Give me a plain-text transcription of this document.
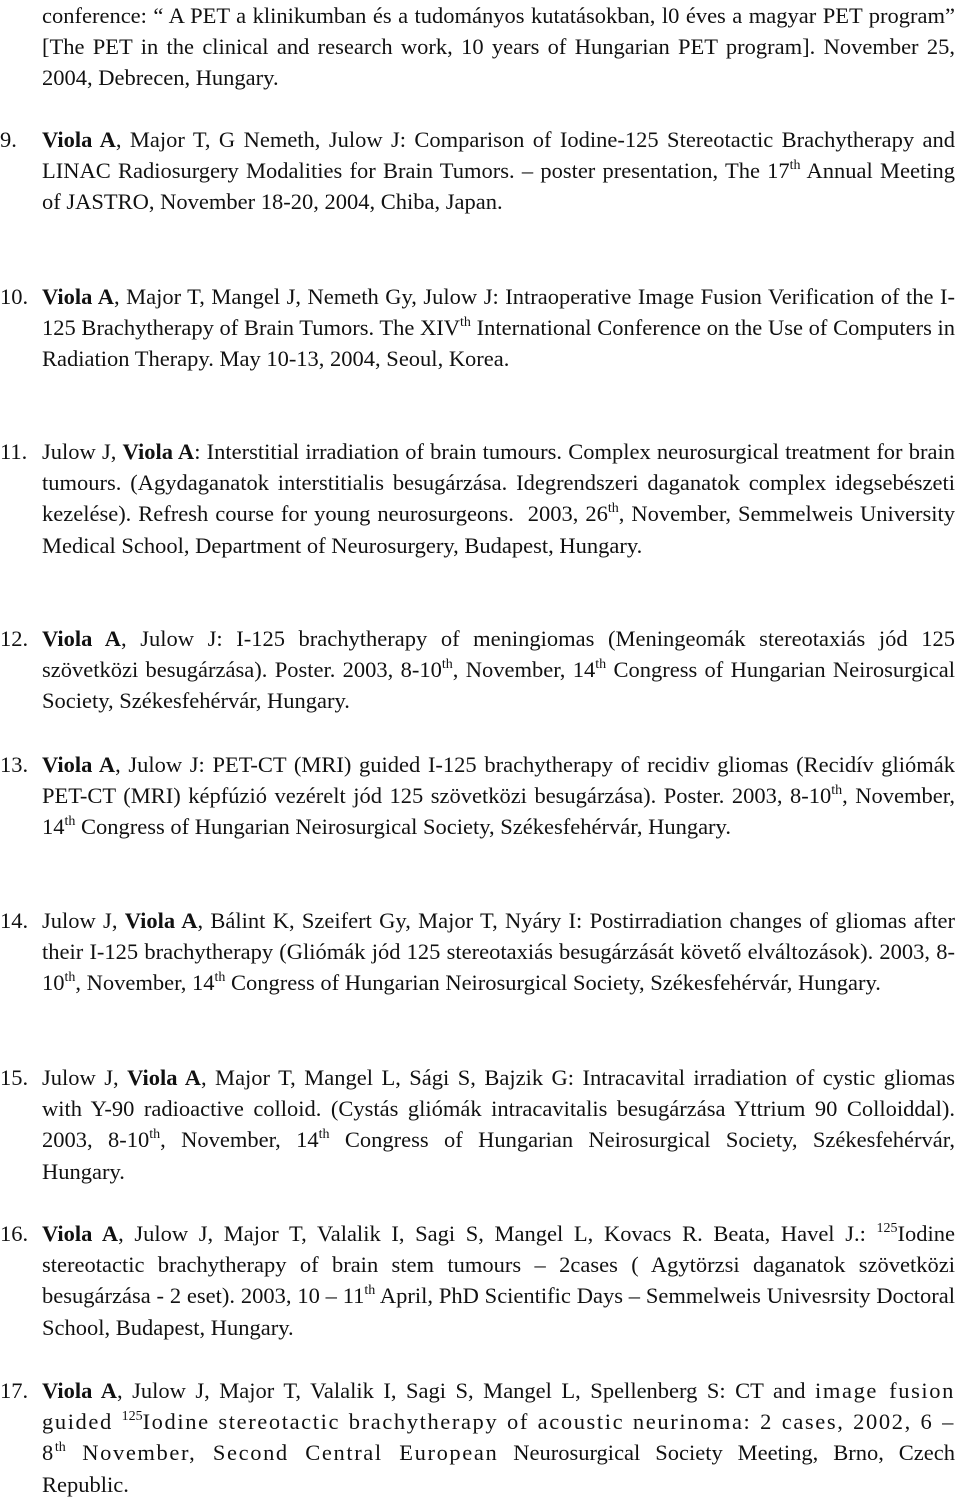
conference: “ A PET a klinikumban és a tudományos kutatásokban, l0 éves a magyar PET program” [The PET in the clinical and research work, 10 years of Hungarian PET program]. November 25, 2004, Debrecen, Hungary.

9. Viola A, Major T, G Nemeth, Julow J: Comparison of Iodine-125 Stereotactic Brachytherapy and LINAC Radiosurgery Modalities for Brain Tumors. – poster presentation, The 17th Annual Meeting of JASTRO, November 18-20, 2004, Chiba, Japan.

10. Viola A, Major T, Mangel J, Nemeth Gy, Julow J: Intraoperative Image Fusion Verification of the I-125 Brachytherapy of Brain Tumors. The XIVth International Conference on the Use of Computers in Radiation Therapy. May 10-13, 2004, Seoul, Korea.

11. Julow J, Viola A: Interstitial irradiation of brain tumours. Complex neurosurgical treatment for brain tumours. (Agydaganatok interstitialis besugárzása. Idegrendszeri daganatok complex idegsebészeti kezelése). Refresh course for young neurosurgeons.  2003, 26th, November, Semmelweis University Medical School, Department of Neurosurgery, Budapest, Hungary.

12. Viola A, Julow J: I-125 brachytherapy of meningiomas (Meningeomák stereotaxiás jód 125 szövetközi besugárzása). Poster. 2003, 8-10th, November, 14th Congress of Hungarian Neirosurgical Society, Székesfehérvár, Hungary.

13. Viola A, Julow J: PET-CT (MRI) guided I-125 brachytherapy of recidiv gliomas (Recidív gliómák PET-CT (MRI) képfúzió vezérelt jód 125 szövetközi besugárzása). Poster. 2003, 8-10th, November, 14th Congress of Hungarian Neirosurgical Society, Székesfehérvár, Hungary.

14. Julow J, Viola A, Bálint K, Szeifert Gy, Major T, Nyáry I: Postirradiation changes of gliomas after their I-125 brachytherapy (Gliómák jód 125 stereotaxiás besugárzását követő elváltozások). 2003, 8-10th, November, 14th Congress of Hungarian Neirosurgical Society, Székesfehérvár, Hungary.

15. Julow J, Viola A, Major T, Mangel L, Sági S, Bajzik G: Intracavital irradiation of cystic gliomas with Y-90 radioactive colloid. (Cystás gliómák intracavitalis besugárzása Yttrium 90 Colloiddal). 2003, 8-10th, November, 14th Congress of Hungarian Neirosurgical Society, Székesfehérvár, Hungary.

16. Viola A, Julow J, Major T, Valalik I, Sagi S, Mangel L, Kovacs R. Beata, Havel J.: $^{125}$Iodine stereotactic brachytherapy of brain stem tumours – 2cases ( Agytörzsi daganatok szövetközi besugárzása - 2 eset). 2003, 10 – 11th April, PhD Scientific Days – Semmelweis Univesrsity Doctoral School, Budapest, Hungary.

17. Viola A, Julow J, Major T, Valalik I, Sagi S, Mangel L, Spellenberg S: CT and image fusion guided $^{125}$Iodine stereotactic brachytherapy of acoustic neurinoma: 2 cases, 2002, 6 – 8th November, Second Central European Neurosurgical Society Meeting, Brno, Czech Republic.
